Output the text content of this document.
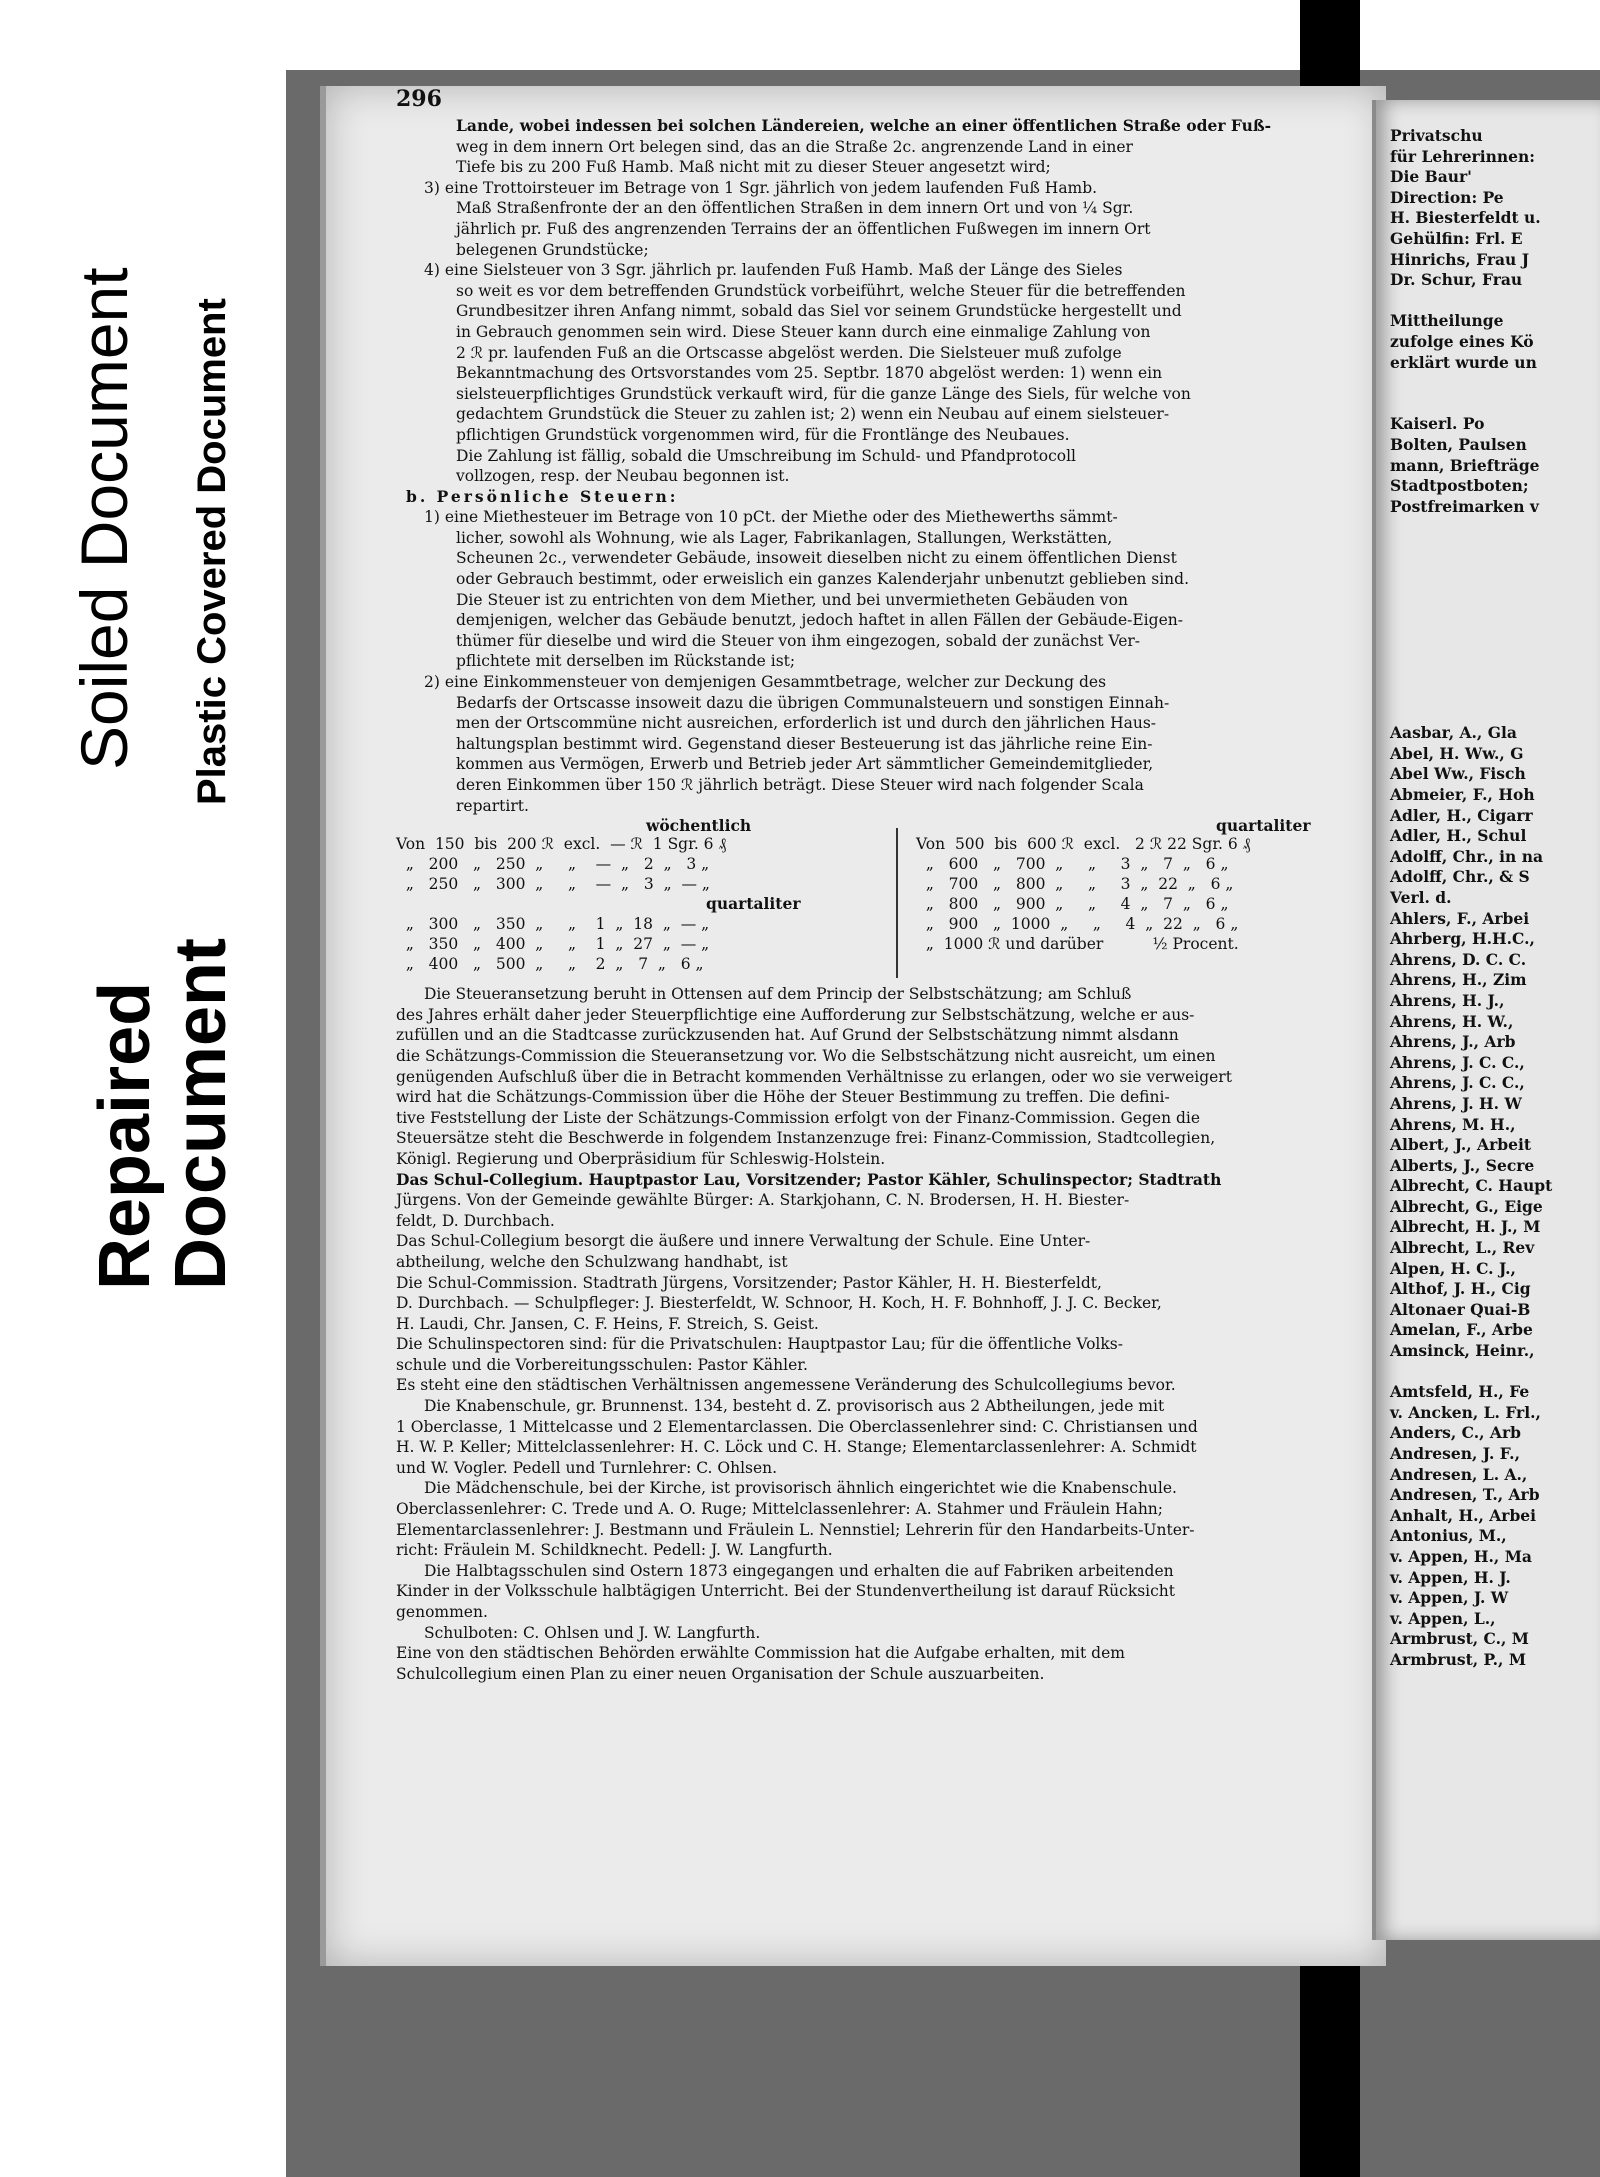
Soiled Document Plastic Covered Document
Repaired
Document
296

Lande, wobei indessen bei solchen Ländereien, welche an einer öffentlichen Straße oder Fuß-

weg in dem innern Ort belegen sind, das an die Straße 2c. angrenzende Land in einer

Tiefe bis zu 200 Fuß Hamb. Maß nicht mit zu dieser Steuer angesetzt wird;

3) eine Trottoirsteuer im Betrage von 1 Sgr. jährlich von jedem laufenden Fuß Hamb.

Maß Straßenfronte der an den öffentlichen Straßen in dem innern Ort und von ¼ Sgr.

jährlich pr. Fuß des angrenzenden Terrains der an öffentlichen Fußwegen im innern Ort

belegenen Grundstücke;

4) eine Sielsteuer von 3 Sgr. jährlich pr. laufenden Fuß Hamb. Maß der Länge des Sieles

so weit es vor dem betreffenden Grundstück vorbeiführt, welche Steuer für die betreffenden

Grundbesitzer ihren Anfang nimmt, sobald das Siel vor seinem Grundstücke hergestellt und

in Gebrauch genommen sein wird. Diese Steuer kann durch eine einmalige Zahlung von

2 ℛ pr. laufenden Fuß an die Ortscasse abgelöst werden. Die Sielsteuer muß zufolge

Bekanntmachung des Ortsvorstandes vom 25. Septbr. 1870 abgelöst werden: 1) wenn ein

sielsteuerpflichtiges Grundstück verkauft wird, für die ganze Länge des Siels, für welche von

gedachtem Grundstück die Steuer zu zahlen ist; 2) wenn ein Neubau auf einem sielsteuer-

pflichtigen Grundstück vorgenommen wird, für die Frontlänge des Neubaues.

Die Zahlung ist fällig, sobald die Umschreibung im Schuld- und Pfandprotocoll

vollzogen, resp. der Neubau begonnen ist.

b. Persönliche Steuern:

1) eine Miethesteuer im Betrage von 10 pCt. der Miethe oder des Miethewerths sämmt-

licher, sowohl als Wohnung, wie als Lager, Fabrikanlagen, Stallungen, Werkstätten,

Scheunen 2c., verwendeter Gebäude, insoweit dieselben nicht zu einem öffentlichen Dienst

oder Gebrauch bestimmt, oder erweislich ein ganzes Kalenderjahr unbenutzt geblieben sind.

Die Steuer ist zu entrichten von dem Miether, und bei unvermietheten Gebäuden von

demjenigen, welcher das Gebäude benutzt, jedoch haftet in allen Fällen der Gebäude-Eigen-

thümer für dieselbe und wird die Steuer von ihm eingezogen, sobald der zunächst Ver-

pflichtete mit derselben im Rückstande ist;

2) eine Einkommensteuer von demjenigen Gesammtbetrage, welcher zur Deckung des

Bedarfs der Ortscasse insoweit dazu die übrigen Communalsteuern und sonstigen Einnah-

men der Ortscommüne nicht ausreichen, erforderlich ist und durch den jährlichen Haus-

haltungsplan bestimmt wird. Gegenstand dieser Besteuerung ist das jährliche reine Ein-

kommen aus Vermögen, Erwerb und Betrieb jeder Art sämmtlicher Gemeindemitglieder,

deren Einkommen über 150 ℛ jährlich beträgt. Diese Steuer wird nach folgender Scala

repartirt.

wöchentlich	quartaliter
quartaliter
Von  150  bis  200 ℛ  excl.  — ℛ  1 Sgr. 6 ₰
„   200   „   250  „     „    —  „   2  „   3 „
„   250   „   300  „     „    —  „   3  „  — „
„   300   „   350  „     „    1  „  18  „  — „
„   350   „   400  „     „    1  „  27  „  — „
„   400   „   500  „     „    2  „   7  „   6 „
Von  500  bis  600 ℛ  excl.   2 ℛ 22 Sgr. 6 ₰
„   600   „   700  „     „     3  „   7  „   6 „
„   700   „   800  „     „     3  „  22  „   6 „
„   800   „   900  „     „     4  „   7  „   6 „
„   900   „  1000  „     „     4  „  22  „   6 „
„  1000 ℛ und darüber          ½ Procent.

Die Steueransetzung beruht in Ottensen auf dem Princip der Selbstschätzung; am Schluß

des Jahres erhält daher jeder Steuerpflichtige eine Aufforderung zur Selbstschätzung, welche er aus-

zufüllen und an die Stadtcasse zurückzusenden hat. Auf Grund der Selbstschätzung nimmt alsdann

die Schätzungs-Commission die Steueransetzung vor. Wo die Selbstschätzung nicht ausreicht, um einen

genügenden Aufschluß über die in Betracht kommenden Verhältnisse zu erlangen, oder wo sie verweigert

wird hat die Schätzungs-Commission über die Höhe der Steuer Bestimmung zu treffen. Die defini-

tive Feststellung der Liste der Schätzungs-Commission erfolgt von der Finanz-Commission. Gegen die

Steuersätze steht die Beschwerde in folgendem Instanzenzuge frei: Finanz-Commission, Stadtcollegien,

Königl. Regierung und Oberpräsidium für Schleswig-Holstein.

Das Schul-Collegium. Hauptpastor Lau, Vorsitzender; Pastor Kähler, Schulinspector; Stadtrath

Jürgens. Von der Gemeinde gewählte Bürger: A. Starkjohann, C. N. Brodersen, H. H. Biester-

feldt, D. Durchbach.

Das Schul-Collegium besorgt die äußere und innere Verwaltung der Schule. Eine Unter-

abtheilung, welche den Schulzwang handhabt, ist

Die Schul-Commission. Stadtrath Jürgens, Vorsitzender; Pastor Kähler, H. H. Biesterfeldt,

D. Durchbach. — Schulpfleger: J. Biesterfeldt, W. Schnoor, H. Koch, H. F. Bohnhoff, J. J. C. Becker,

H. Laudi, Chr. Jansen, C. F. Heins, F. Streich, S. Geist.

Die Schulinspectoren sind: für die Privatschulen: Hauptpastor Lau; für die öffentliche Volks-

schule und die Vorbereitungsschulen: Pastor Kähler.

Es steht eine den städtischen Verhältnissen angemessene Veränderung des Schulcollegiums bevor.

Die Knabenschule, gr. Brunnenst. 134, besteht d. Z. provisorisch aus 2 Abtheilungen, jede mit

1 Oberclasse, 1 Mittelcasse und 2 Elementarclassen. Die Oberclassenlehrer sind: C. Christiansen und

H. W. P. Keller; Mittelclassenlehrer: H. C. Löck und C. H. Stange; Elementarclassenlehrer: A. Schmidt

und W. Vogler. Pedell und Turnlehrer: C. Ohlsen.

Die Mädchenschule, bei der Kirche, ist provisorisch ähnlich eingerichtet wie die Knabenschule.

Oberclassenlehrer: C. Trede und A. O. Ruge; Mittelclassenlehrer: A. Stahmer und Fräulein Hahn;

Elementarclassenlehrer: J. Bestmann und Fräulein L. Nennstiel; Lehrerin für den Handarbeits-Unter-

richt: Fräulein M. Schildknecht. Pedell: J. W. Langfurth.

Die Halbtagsschulen sind Ostern 1873 eingegangen und erhalten die auf Fabriken arbeitenden

Kinder in der Volksschule halbtägigen Unterricht. Bei der Stundenvertheilung ist darauf Rücksicht

genommen.

Schulboten: C. Ohlsen und J. W. Langfurth.

Eine von den städtischen Behörden erwählte Commission hat die Aufgabe erhalten, mit dem

Schulcollegium einen Plan zu einer neuen Organisation der Schule auszuarbeiten.

Privatschu
für Lehrerinnen:
Die Baur'
Direction: Pe
H. Biesterfeldt u.
Gehülfin: Frl. E
Hinrichs, Frau J
Dr. Schur, Frau

Mittheilunge
zufolge eines Kö
erklärt wurde un

Kaiserl. Po
Bolten, Paulsen
mann, Briefträge
Stadtpostboten;
Postfreimarken v

Aasbar, A., Gla
Abel, H. Ww., G
Abel Ww., Fisch
Abmeier, F., Hoh
Adler, H., Cigarr
Adler, H., Schul
Adolff, Chr., in na
Adolff, Chr., & S
Verl. d.
Ahlers, F., Arbei
Ahrberg, H.H.C.,
Ahrens, D. C. C.
Ahrens, H., Zim
Ahrens, H. J.,
Ahrens, H. W.,
Ahrens, J., Arb
Ahrens, J. C. C.,
Ahrens, J. C. C.,
Ahrens, J. H. W
Ahrens, M. H.,
Albert, J., Arbeit
Alberts, J., Secre
Albrecht, C. Haupt
Albrecht, G., Eige
Albrecht, H. J., M
Albrecht, L., Rev
Alpen, H. C. J.,
Althof, J. H., Cig
Altonaer Quai-B
Amelan, F., Arbe
Amsinck, Heinr.,

Amtsfeld, H., Fe
v. Ancken, L. Frl.,
Anders, C., Arb
Andresen, J. F.,
Andresen, L. A.,
Andresen, T., Arb
Anhalt, H., Arbei
Antonius, M.,
v. Appen, H., Ma
v. Appen, H. J.
v. Appen, J. W
v. Appen, L.,
Armbrust, C., M
Armbrust, P., M
